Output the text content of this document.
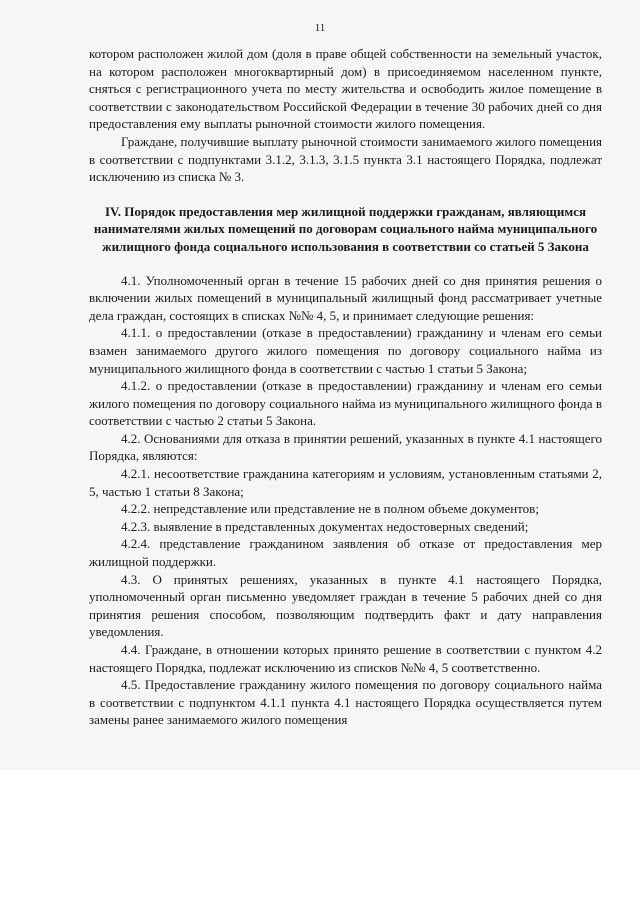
11

котором расположен жилой дом (доля в праве общей собственности на земельный участок, на котором расположен многоквартирный дом) в присоединяемом населенном пункте, сняться с регистрационного учета по месту жительства и освободить жилое помещение в соответствии с законодательством Российской Федерации в течение 30 рабочих дней со дня предоставления ему выплаты рыночной стоимости жилого помещения.

Граждане, получившие выплату рыночной стоимости занимаемого жилого помещения в соответствии с подпунктами 3.1.2, 3.1.3, 3.1.5 пункта 3.1 настоящего Порядка, подлежат исключению из списка № 3.

IV. Порядок предоставления мер жилищной поддержки гражданам, являющимся нанимателями жилых помещений по договорам социального найма муниципального жилищного фонда социального использования в соответствии со статьей 5 Закона

4.1. Уполномоченный орган в течение 15 рабочих дней со дня принятия решения о включении жилых помещений в муниципальный жилищный фонд рассматривает учетные дела граждан, состоящих в списках №№ 4, 5, и принимает следующие решения:

4.1.1. о предоставлении (отказе в предоставлении) гражданину и членам его семьи взамен занимаемого другого жилого помещения по договору социального найма из муниципального жилищного фонда в соответствии с частью 1 статьи 5 Закона;

4.1.2. о предоставлении (отказе в предоставлении) гражданину и членам его семьи жилого помещения по договору социального найма из муниципального жилищного фонда в соответствии с частью 2 статьи 5 Закона.

4.2. Основаниями для отказа в принятии решений, указанных в пункте 4.1 настоящего Порядка, являются:

4.2.1. несоответствие гражданина категориям и условиям, установленным статьями 2, 5, частью 1 статьи 8 Закона;

4.2.2. непредставление или представление не в полном объеме документов;

4.2.3. выявление в представленных документах недостоверных сведений;

4.2.4. представление гражданином заявления об отказе от предоставления мер жилищной поддержки.

4.3. О принятых решениях, указанных в пункте 4.1 настоящего Порядка, уполномоченный орган письменно уведомляет граждан в течение 5 рабочих дней со дня принятия решения способом, позволяющим подтвердить факт и дату направления уведомления.

4.4. Граждане, в отношении которых принято решение в соответствии с пунктом 4.2 настоящего Порядка, подлежат исключению из списков №№ 4, 5 соответственно.

4.5. Предоставление гражданину жилого помещения по договору социального найма в соответствии с подпунктом 4.1.1 пункта 4.1 настоящего Порядка осуществляется путем замены ранее занимаемого жилого помещения
